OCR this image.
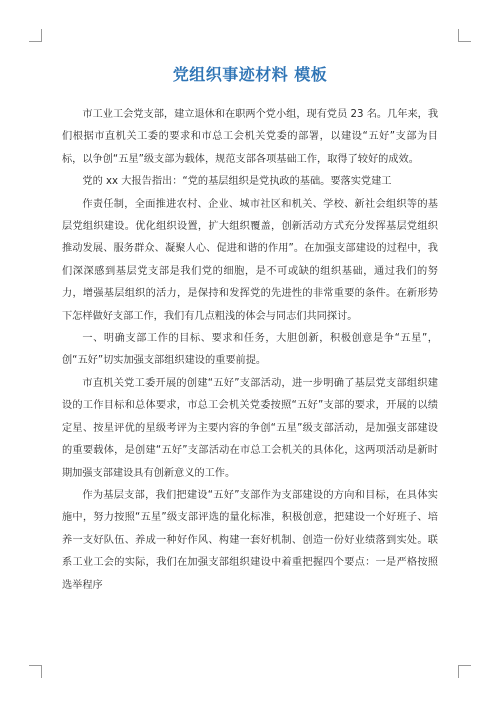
党组织事迹材料 模板

市工业工会党支部，建立退休和在职两个党小组，现有党员 23 名。几年来，我们根据市直机关工委的要求和市总工会机关党委的部署，以建设“五好”支部为目标，以争创“五星”级支部为载体，规范支部各项基础工作，取得了较好的成效。

党的 xx 大报告指出：“党的基层组织是党执政的基础。要落实党建工

作责任制，全面推进农村、企业、城市社区和机关、学校、新社会组织等的基层党组织建设。优化组织设置，扩大组织覆盖，创新活动方式充分发挥基层党组织推动发展、服务群众、凝聚人心、促进和谐的作用”。在加强支部建设的过程中，我们深深感到基层党支部是我们党的细胞，是不可或缺的组织基础，通过我们的努力，增强基层组织的活力，是保持和发挥党的先进性的非常重要的条件。在新形势下怎样做好支部工作，我们有几点粗浅的体会与同志们共同探讨。

一、明确支部工作的目标、要求和任务，大胆创新，积极创意是争“五星”，创“五好”切实加强支部组织建设的重要前提。

市直机关党工委开展的创建“五好”支部活动，进一步明确了基层党支部组织建设的工作目标和总体要求，市总工会机关党委按照“五好”支部的要求，开展的以绩定星、按星评优的星级考评为主要内容的争创“五星”级支部活动，是加强支部建设的重要载体，是创建“五好”支部活动在市总工会机关的具体化，这两项活动是新时期加强支部建设具有创新意义的工作。

作为基层支部，我们把建设“五好”支部作为支部建设的方向和目标，在具体实施中，努力按照“五星”级支部评选的量化标准，积极创意，把建设一个好班子、培养一支好队伍、养成一种好作风、构建一套好机制、创造一份好业绩落到实处。联系工业工会的实际，我们在加强支部组织建设中着重把握四个要点：一是严格按照选举程序
